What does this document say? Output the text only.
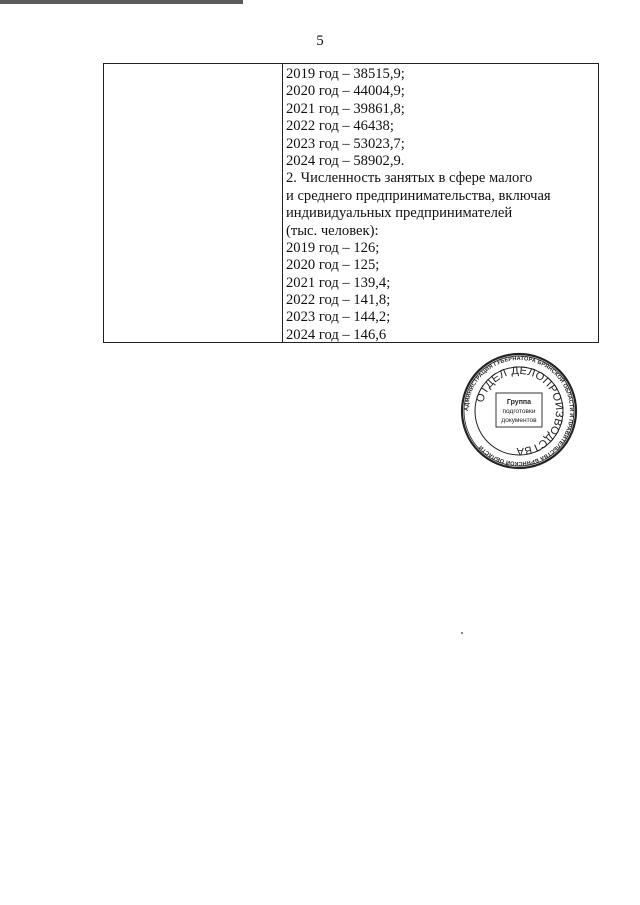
5
2019 год – 38515,9;
2020 год – 44004,9;
2021 год – 39861,8;
2022 год – 46438;
2023 год – 53023,7;
2024 год – 58902,9.
2. Численность занятых в сфере малого
и среднего предпринимательства, включая
индивидуальных предпринимателей
(тыс. человек):
2019 год – 126;
2020 год – 125;
2021 год – 139,4;
2022 год – 141,8;
2023 год – 144,2;
2024 год – 146,6
АДМИНИСТРАЦИЯ ГУБЕРНАТОРА БРЯНСКОЙ ОБЛАСТИ И ПРАВИТЕЛЬСТВА БРЯНСКОЙ ОБЛАСТИ
ОТДЕЛ ДЕЛОПРОИЗВОДСТВА
Группа
подготовки
документов
